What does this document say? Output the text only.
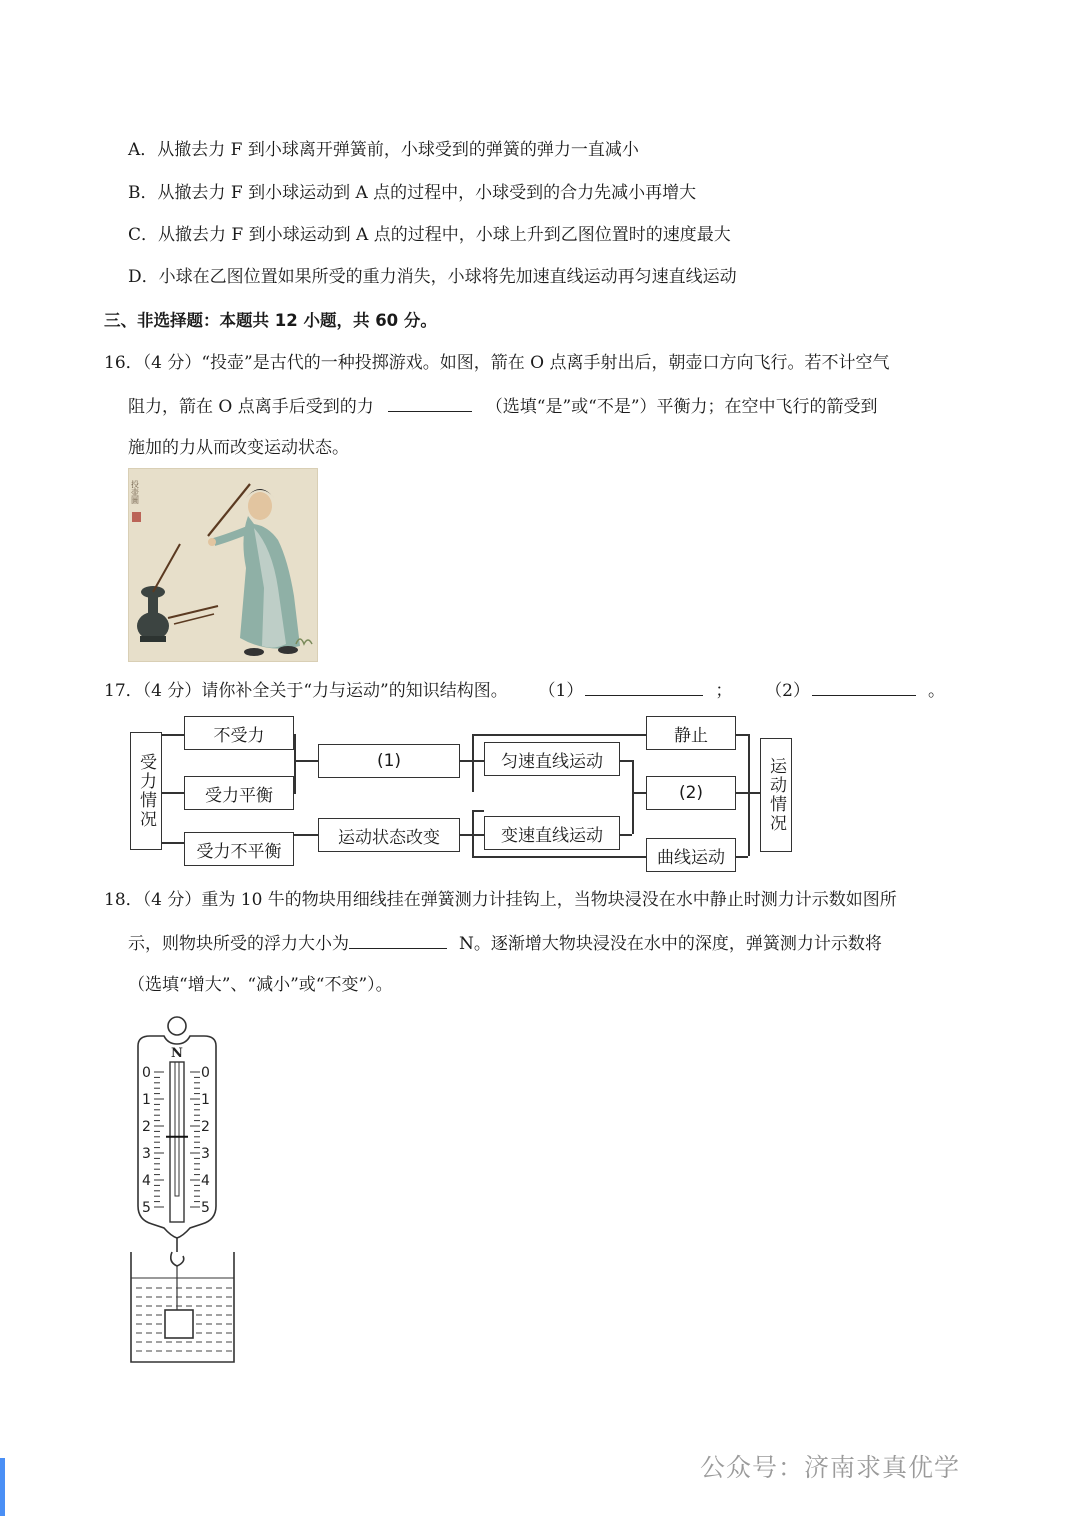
A．从撤去力 F 到小球离开弹簧前，小球受到的弹簧的弹力一直减小
B．从撤去力 F 到小球运动到 A 点的过程中，小球受到的合力先减小再增大
C．从撤去力 F 到小球运动到 A 点的过程中，小球上升到乙图位置时的速度最大
D．小球在乙图位置如果所受的重力消失，小球将先加速直线运动再匀速直线运动
三、非选择题：本题共 12 小题，共 60 分。
16．（4 分）“投壶”是古代的一种投掷游戏。如图，箭在 O 点离手射出后，朝壶口方向飞行。若不计空气
阻力，箭在 O 点离手后受到的力	（选填“是”或“不是”）平衡力；在空中飞行的箭受到
施加的力从而改变运动状态。
投壶圖
17．（4 分）请你补全关于“力与运动”的知识结构图。 （1）	； （2）	。
受力情况
不受力
受力平衡
受力不平衡
(1)
运动状态改变
匀速直线运动
变速直线运动
静止
(2)
曲线运动
运动情况
18．（4 分）重为 10 牛的物块用细线挂在弹簧测力计挂钩上，当物块浸没在水中静止时测力计示数如图所
示，则物块所受的浮力大小为	N。逐渐增大物块浸没在水中的深度，弹簧测力计示数将
（选填“增大”、“减小”或“不变”）。
N
0	0
1	1
2	2
3	3
4	4
5	5
公众号：济南求真优学
